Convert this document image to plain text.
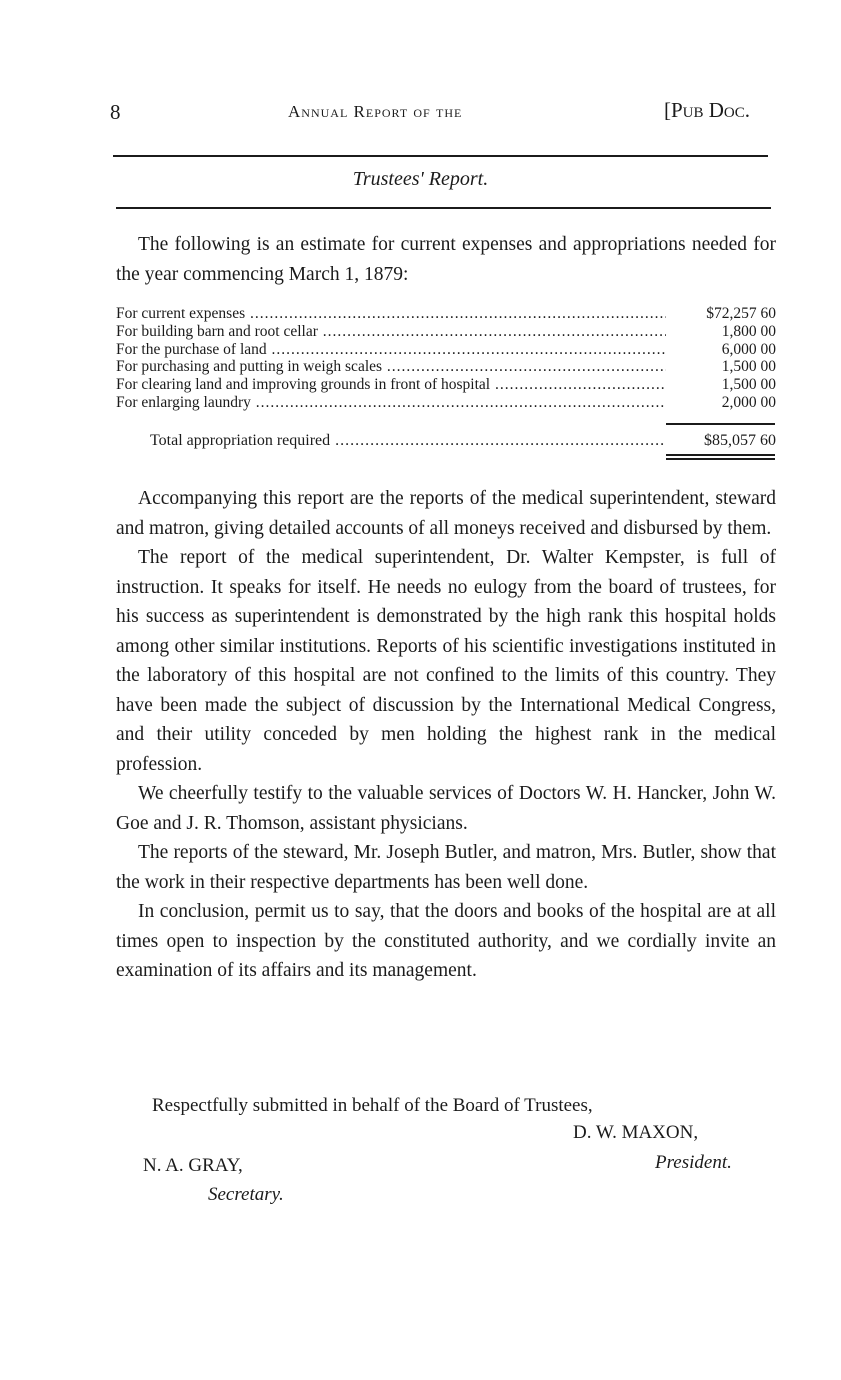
8	Annual Report of the	[Pub Doc.
Trustees' Report.

The following is an estimate for current expenses and appropriations needed for the year commencing March 1, 1879:

For current expenses .....	$72,257 60
For building barn and root cellar .....	1,800 00
For the purchase of land .....	6,000 00
For purchasing and putting in weigh scales .....	1,500 00
For clearing land and improving grounds in front of hospital .....	1,500 00
For enlarging laundry .....	2,000 00
Total appropriation required .....	$85,057 60

Accompanying this report are the reports of the medical superintendent, steward and matron, giving detailed accounts of all moneys received and disbursed by them.

The report of the medical superintendent, Dr. Walter Kempster, is full of instruction. It speaks for itself. He needs no eulogy from the board of trustees, for his success as superintendent is demonstrated by the high rank this hospital holds among other similar institutions. Reports of his scientific investigations instituted in the laboratory of this hospital are not confined to the limits of this country. They have been made the subject of discussion by the International Medical Congress, and their utility conceded by men holding the highest rank in the medical profession.

We cheerfully testify to the valuable services of Doctors W. H. Hancker, John W. Goe and J. R. Thomson, assistant physicians.

The reports of the steward, Mr. Joseph Butler, and matron, Mrs. Butler, show that the work in their respective departments has been well done.

In conclusion, permit us to say, that the doors and books of the hospital are at all times open to inspection by the constituted authority, and we cordially invite an examination of its affairs and its management.

Respectfully submitted in behalf of the Board of Trustees,
D. W. MAXON,
President.
N. A. GRAY,
Secretary.
